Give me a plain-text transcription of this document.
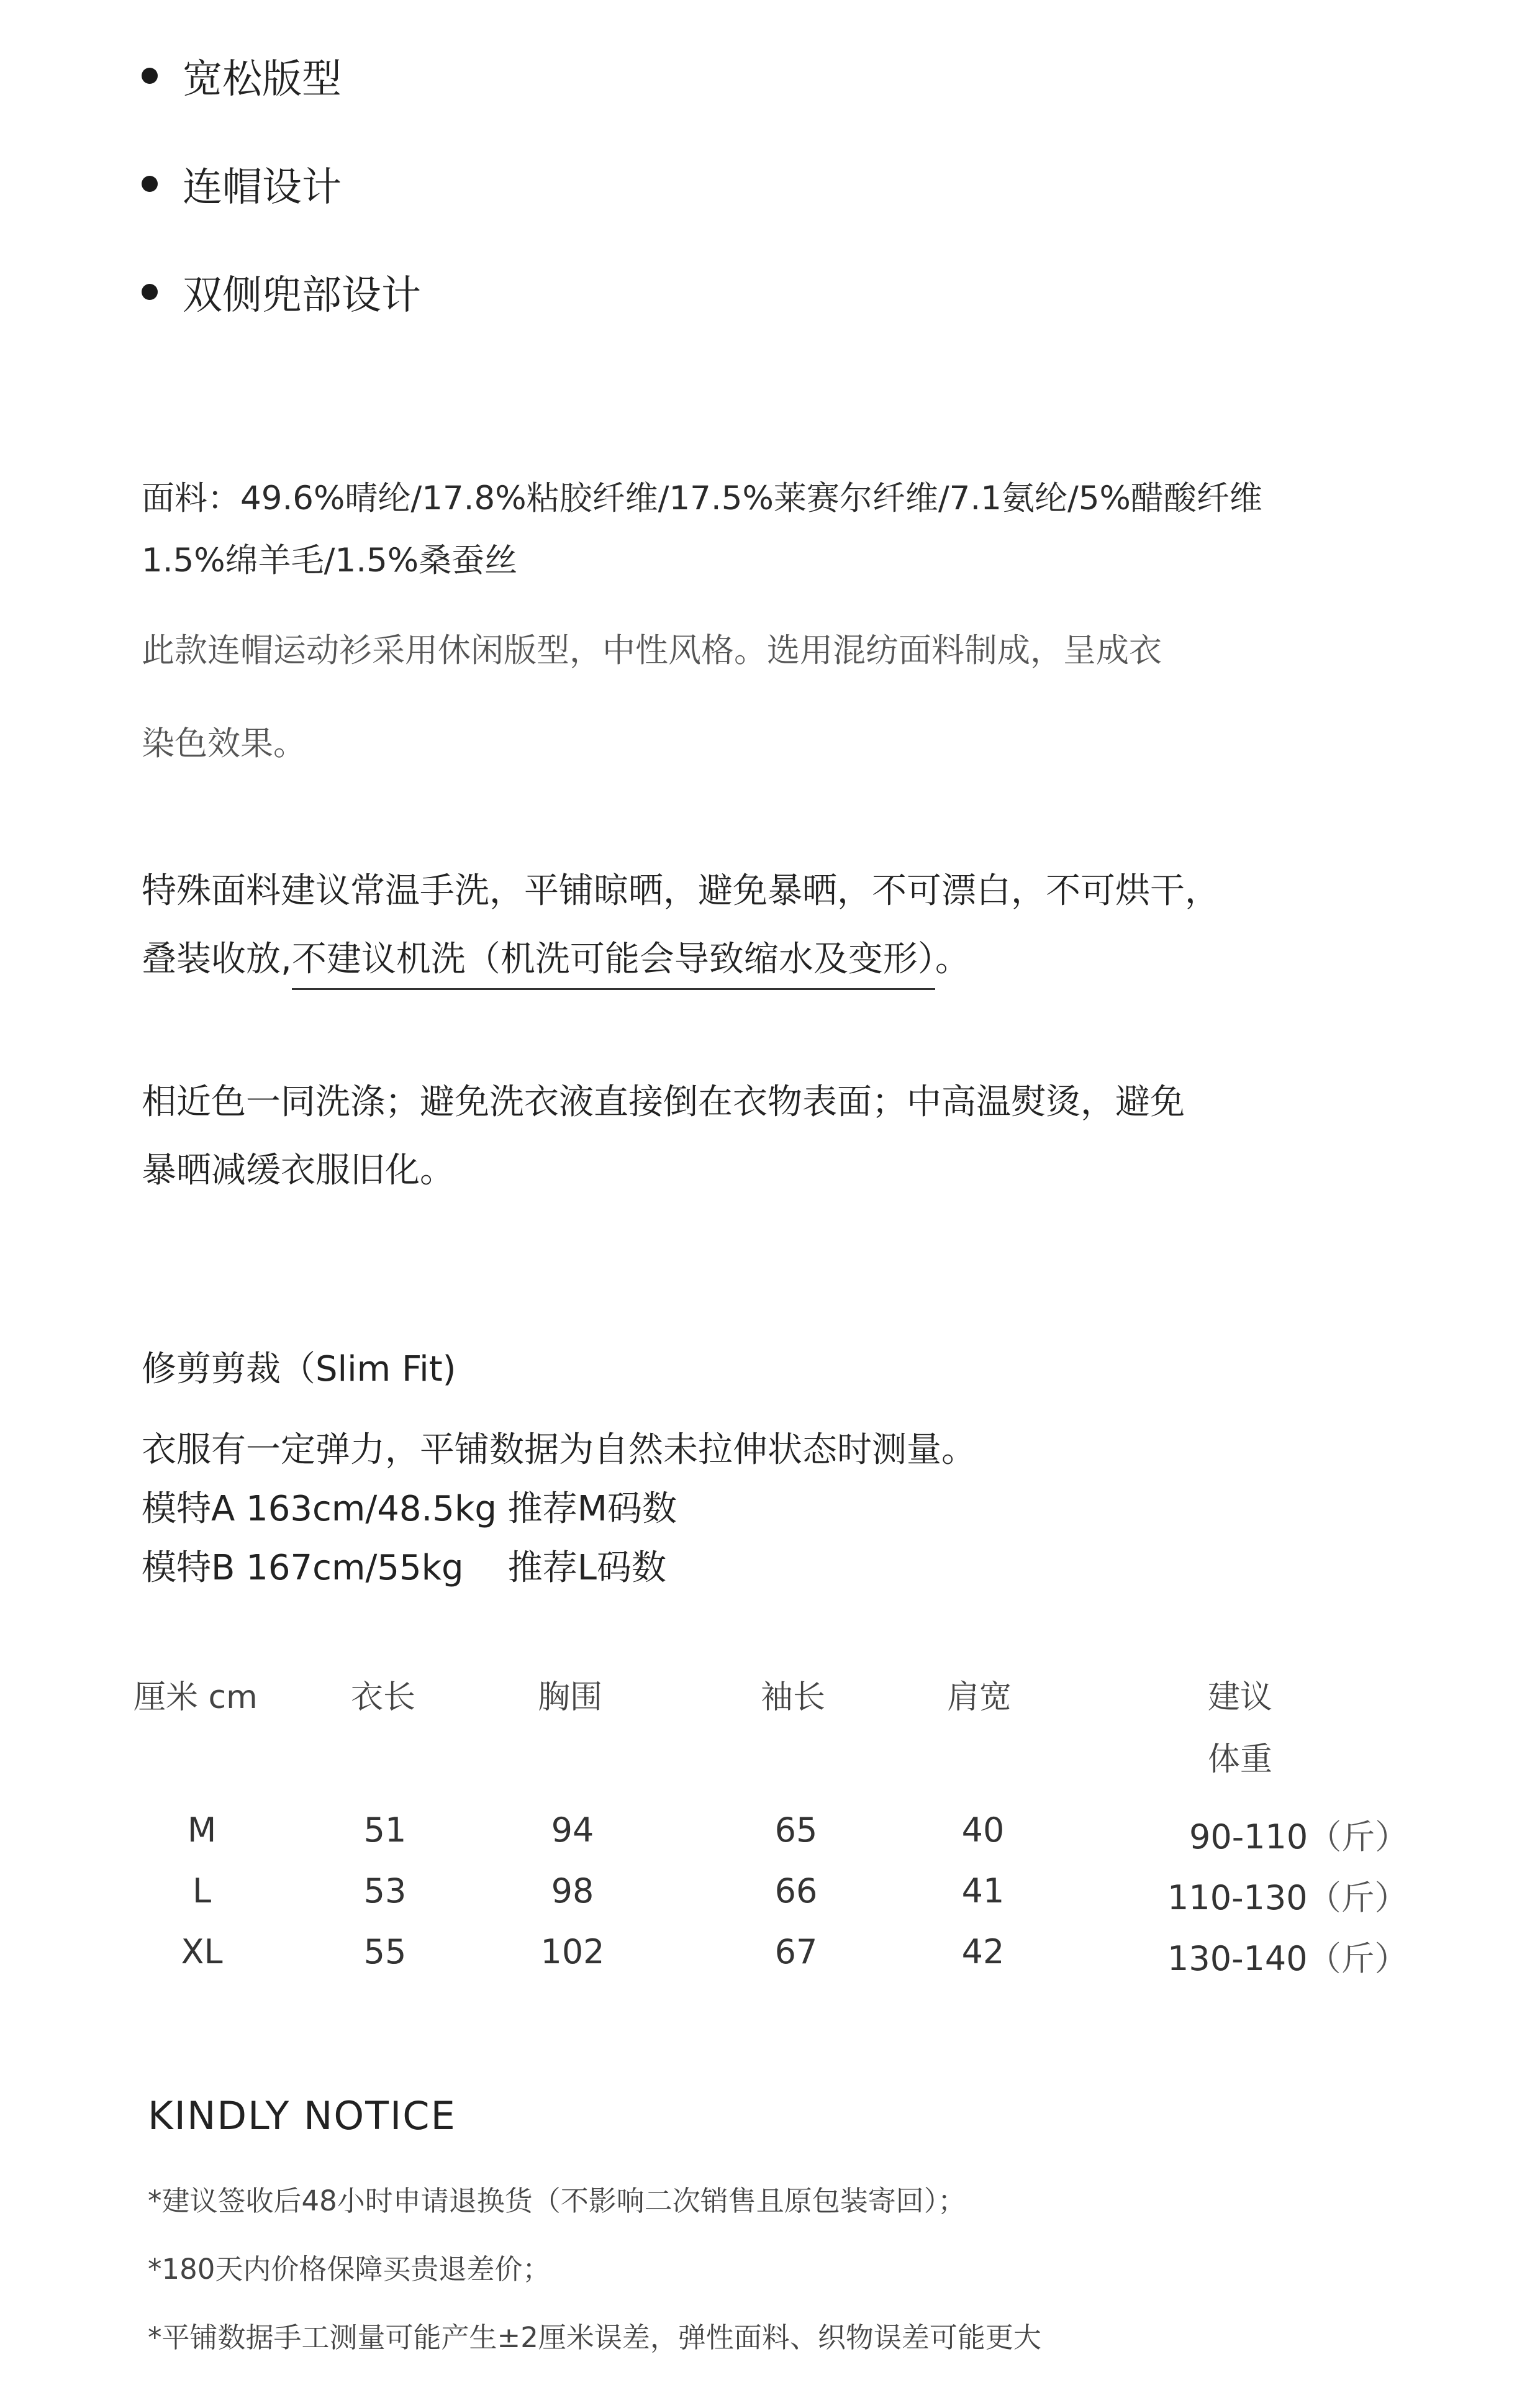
宽松版型
连帽设计
双侧兜部设计
面料：49.6%晴纶/17.8%粘胶纤维/17.5%莱赛尔纤维/7.1氨纶/5%醋酸纤维
1.5%绵羊毛/1.5%桑蚕丝
此款连帽运动衫采用休闲版型，中性风格。选用混纺面料制成，呈成衣
染色效果。
特殊面料建议常温手洗，平铺晾晒，避免暴晒，不可漂白，不可烘干，
叠装收放,不建议机洗（机洗可能会导致缩水及变形）。
相近色一同洗涤；避免洗衣液直接倒在衣物表面；中高温熨烫，避免
暴晒减缓衣服旧化。
修剪剪裁（Slim Fit)
衣服有一定弹力，平铺数据为自然未拉伸状态时测量。
模特A 163cm/48.5kg 推荐M码数
模特B 167cm/55kg    推荐L码数
厘米 cm	衣长	胸围	袖长	肩宽	建议
体重
M	51	94	65	40	90-110（斤）
L	53	98	66	41	110-130（斤）
XL	55	102	67	42	130-140（斤）
KINDLY NOTICE
*建议签收后48小时申请退换货（不影响二次销售且原包装寄回）；
*180天内价格保障买贵退差价；
*平铺数据手工测量可能产生±2厘米误差，弹性面料、织物误差可能更大
